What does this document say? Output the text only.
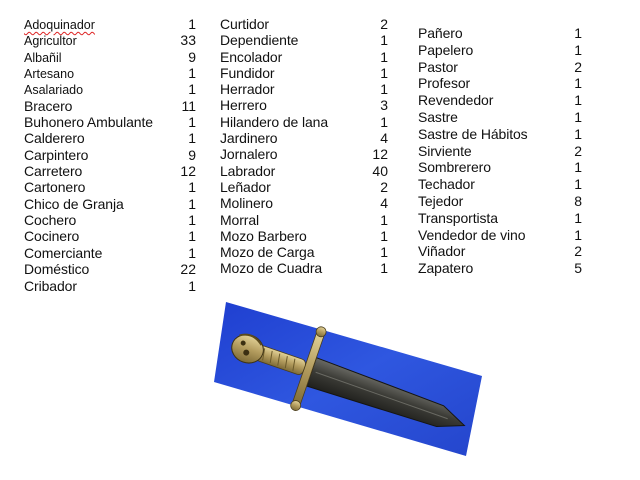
Adoquinador	1
Agricultor	33
Albañil	9
Artesano	1
Asalariado	1
Bracero	11
Buhonero Ambulante	1
Calderero	1
Carpintero	9
Carretero	12
Cartonero	1
Chico de Granja	1
Cochero	1
Cocinero	1
Comerciante	1
Doméstico	22
Cribador	1
Curtidor	2
Dependiente	1
Encolador	1
Fundidor	1
Herrador	1
Herrero	3
Hilandero de lana	1
Jardinero	4
Jornalero	12
Labrador	40
Leñador	2
Molinero	4
Morral	1
Mozo Barbero	1
Mozo de Carga	1
Mozo de Cuadra	1
Pañero	1
Papelero	1
Pastor	2
Profesor	1
Revendedor	1
Sastre	1
Sastre de Hábitos	1
Sirviente	2
Sombrerero	1
Techador	1
Tejedor	8
Transportista	1
Vendedor de vino	1
Viñador	2
Zapatero	5
